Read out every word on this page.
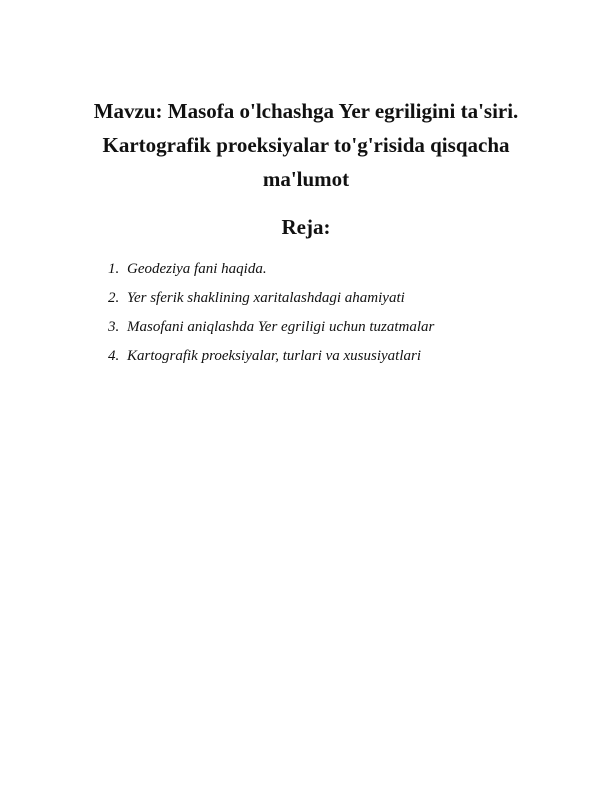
Mavzu: Masofa o'lchashga Yer egriligini ta'siri.
Kartografik proeksiyalar to'g'risida qisqacha
ma'lumot
Reja:
1. Geodeziya fani haqida.
2. Yer sferik shaklining xaritalashdagi ahamiyati
3. Masofani aniqlashda Yer egriligi uchun tuzatmalar
4. Kartografik proeksiyalar, turlari va xususiyatlari
